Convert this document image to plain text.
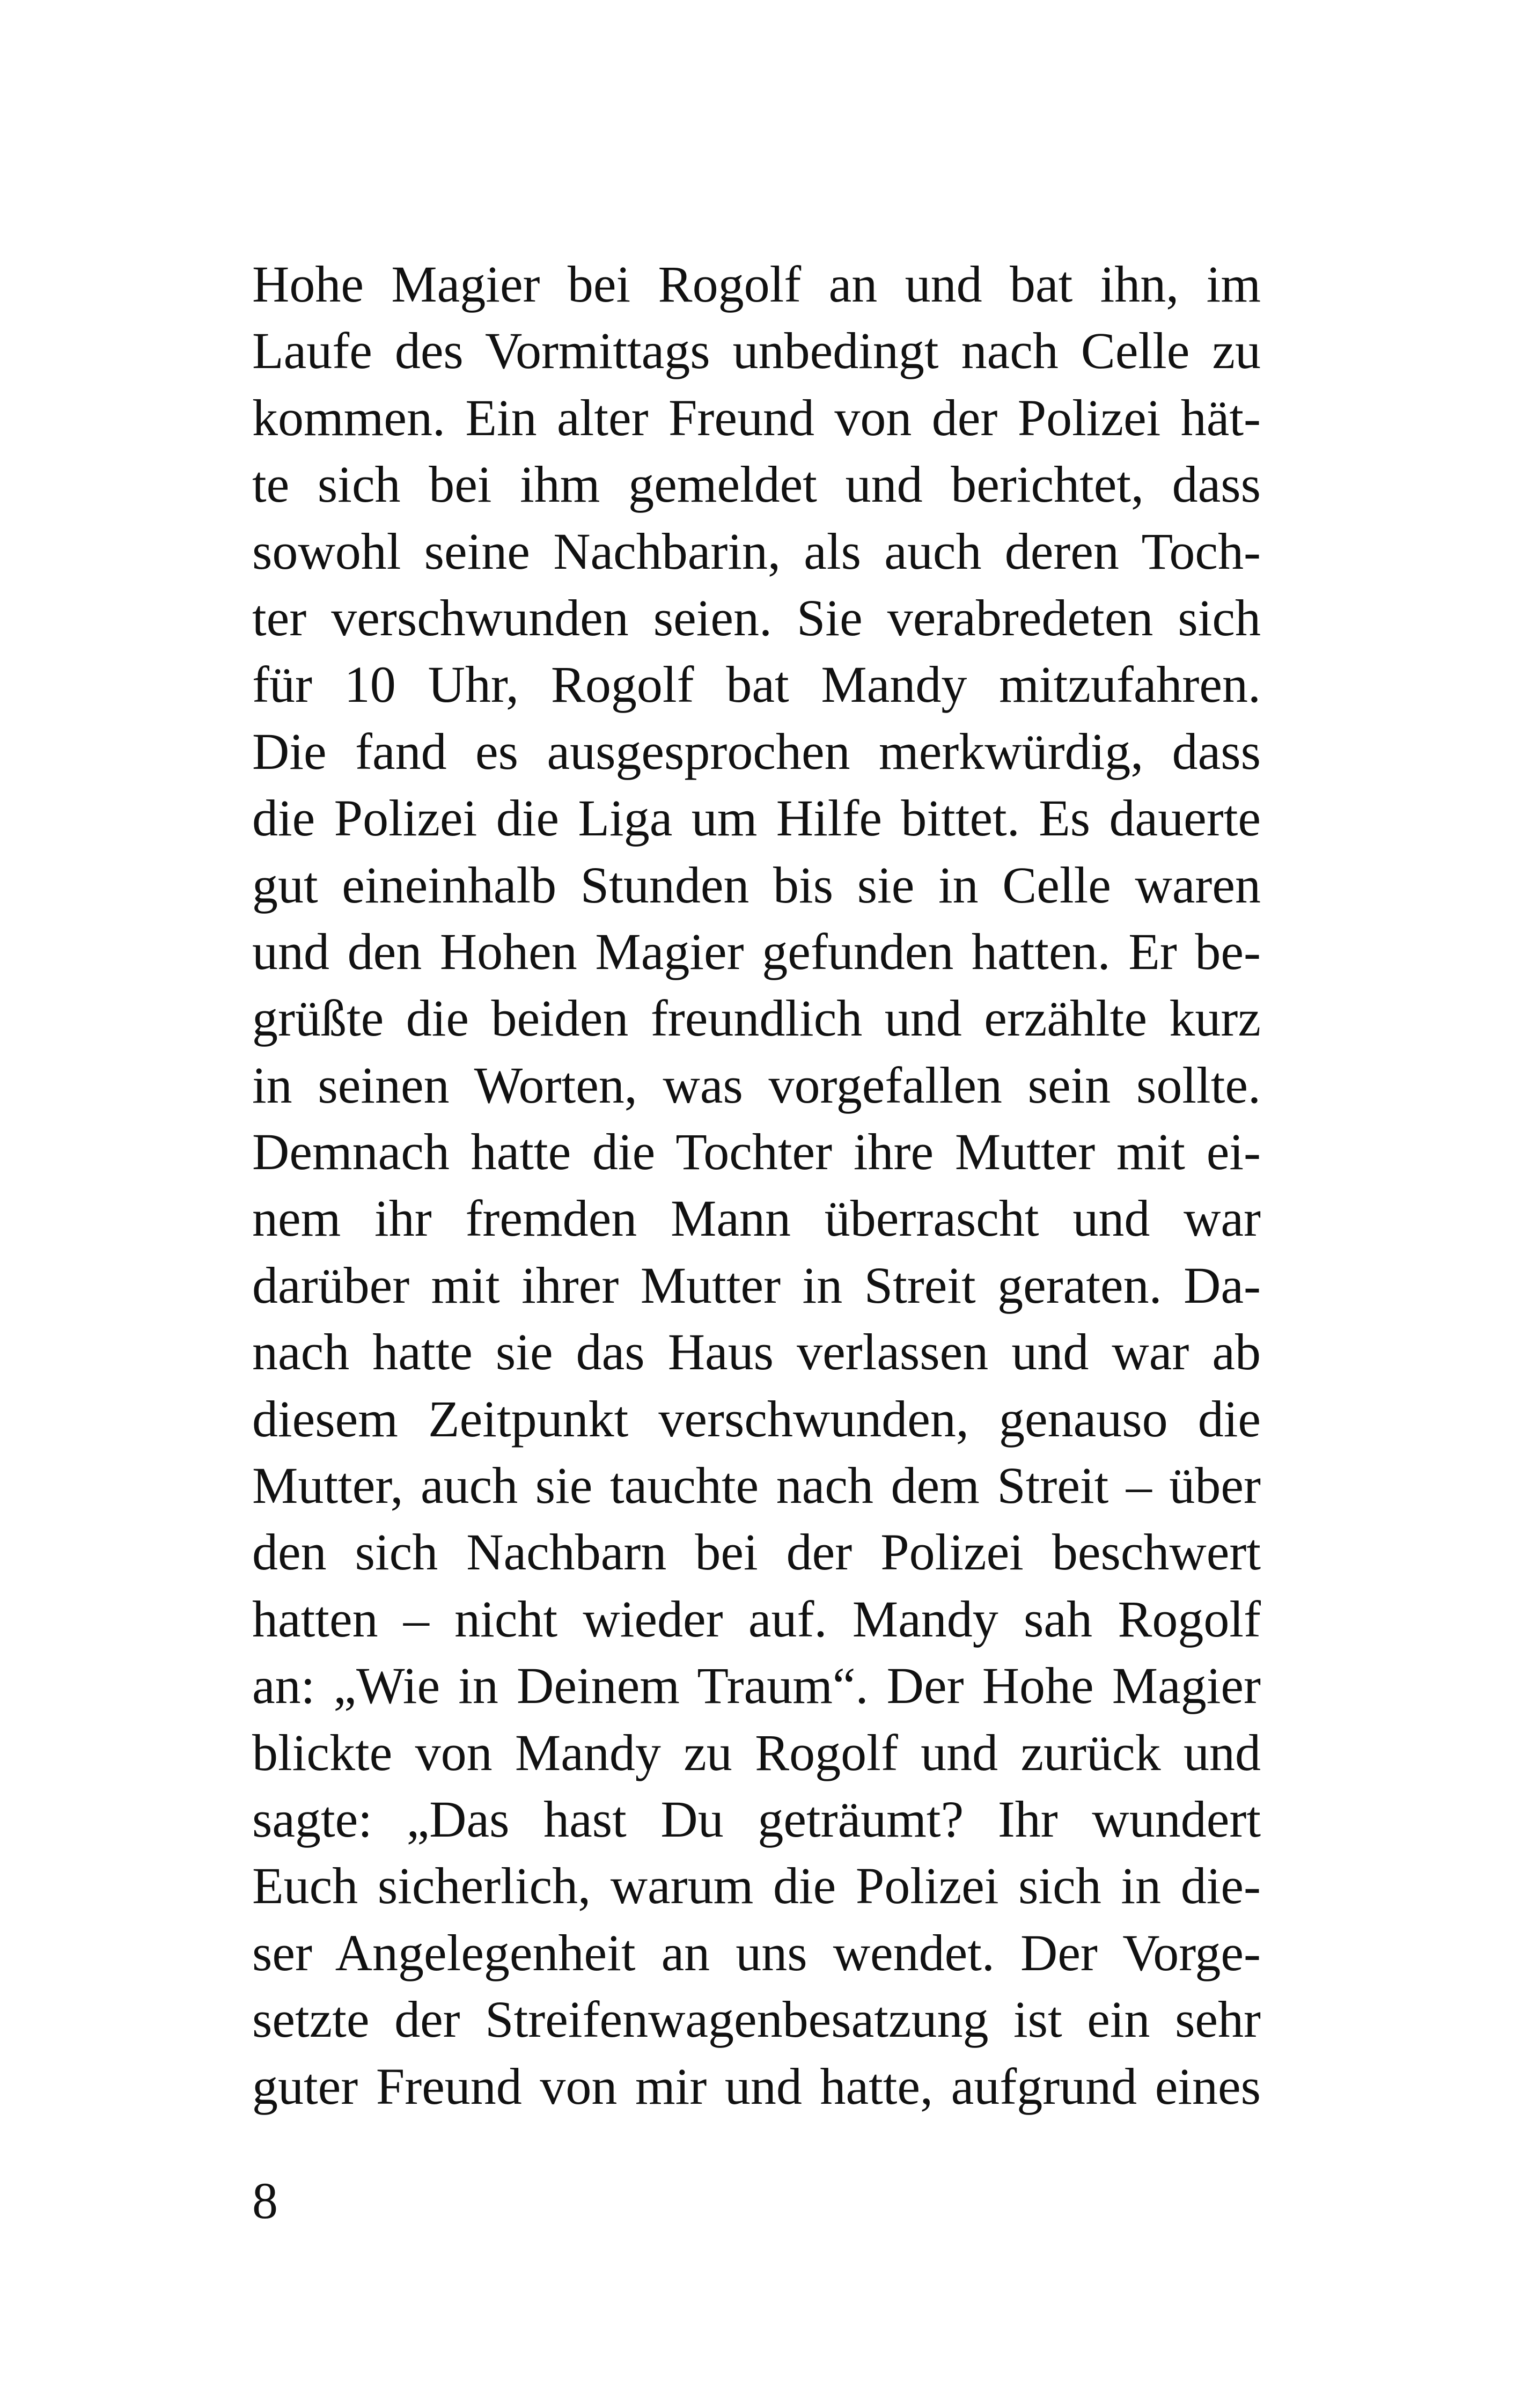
Hohe Magier bei Rogolf an und bat ihn, im
Laufe des Vormittags unbedingt nach Celle zu
kommen. Ein alter Freund von der Polizei hät-
te sich bei ihm gemeldet und berichtet, dass
sowohl seine Nachbarin, als auch deren Toch-
ter verschwunden seien. Sie verabredeten sich
für 10 Uhr, Rogolf bat Mandy mitzufahren.
Die fand es ausgesprochen merkwürdig, dass
die Polizei die Liga um Hilfe bittet. Es dauerte
gut eineinhalb Stunden bis sie in Celle waren
und den Hohen Magier gefunden hatten. Er be-
grüßte die beiden freundlich und erzählte kurz
in seinen Worten, was vorgefallen sein sollte.
Demnach hatte die Tochter ihre Mutter mit ei-
nem ihr fremden Mann überrascht und war
darüber mit ihrer Mutter in Streit geraten. Da-
nach hatte sie das Haus verlassen und war ab
diesem Zeitpunkt verschwunden, genauso die
Mutter, auch sie tauchte nach dem Streit – über
den sich Nachbarn bei der Polizei beschwert
hatten – nicht wieder auf. Mandy sah Rogolf
an: „Wie in Deinem Traum“. Der Hohe Magier
blickte von Mandy zu Rogolf und zurück und
sagte: „Das hast Du geträumt? Ihr wundert
Euch sicherlich, warum die Polizei sich in die-
ser Angelegenheit an uns wendet. Der Vorge-
setzte der Streifenwagenbesatzung ist ein sehr
guter Freund von mir und hatte, aufgrund eines
8
